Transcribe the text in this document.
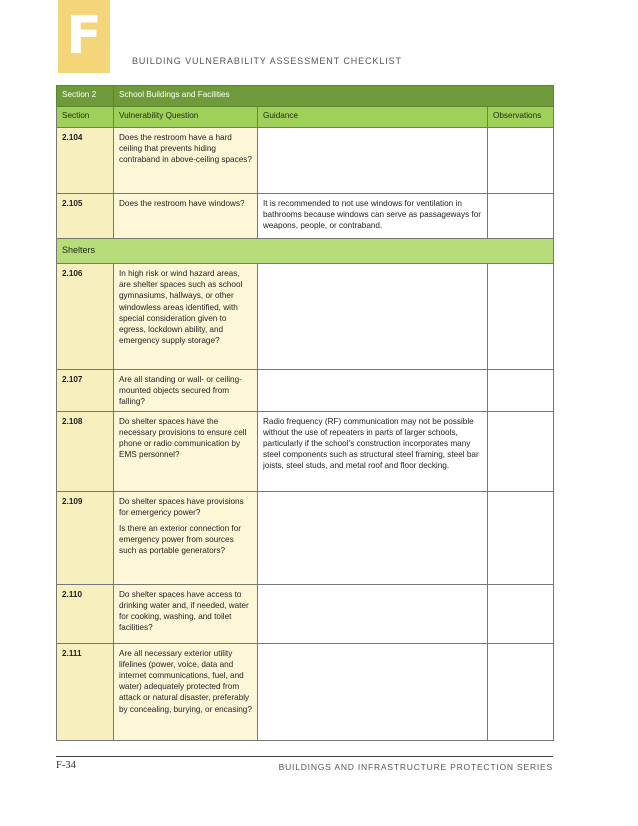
F	BUILDING VULNERABILITY ASSESSMENT CHECKLIST
Section 2	School Buildings and Facilities		
Section	Vulnerability Question	Guidance	Observations
2.104	Does the restroom have a hard ceiling that prevents hiding contraband in above-ceiling spaces?		

2.105	Does the restroom have windows?	It is recommended to not use windows for ventilation in bathrooms because windows can serve as passageways for weapons, people, or contraband.	
Shelters			
2.106	In high risk or wind hazard areas, are shelter spaces such as school gymnasiums, hallways, or other windowless areas identified, with special consideration given to egress, lockdown ability, and emergency supply storage?		

2.107	Are all standing or wall- or ceiling-mounted objects secured from falling?		

2.108	Do shelter spaces have the necessary provisions to ensure cell phone or radio communication by EMS personnel?	Radio frequency (RF) communication may not be possible without the use of repeaters in parts of larger schools, particularly if the school’s construction incorporates many steel components such as structural steel framing, steel bar joists, steel studs, and metal roof and floor decking.	
2.109	Do shelter spaces have provisions for emergency power?

Is there an exterior connection for emergency power from sources such as portable generators?		

2.110	Do shelter spaces have access to drinking water and, if needed, water for cooking, washing, and toilet facilities?		

2.111	Are all necessary exterior utility lifelines (power, voice, data and internet communications, fuel, and water) adequately protected from attack or natural disaster, preferably by concealing, burying, or encasing?		

F-34	BUILDINGS AND INFRASTRUCTURE PROTECTION SERIES
